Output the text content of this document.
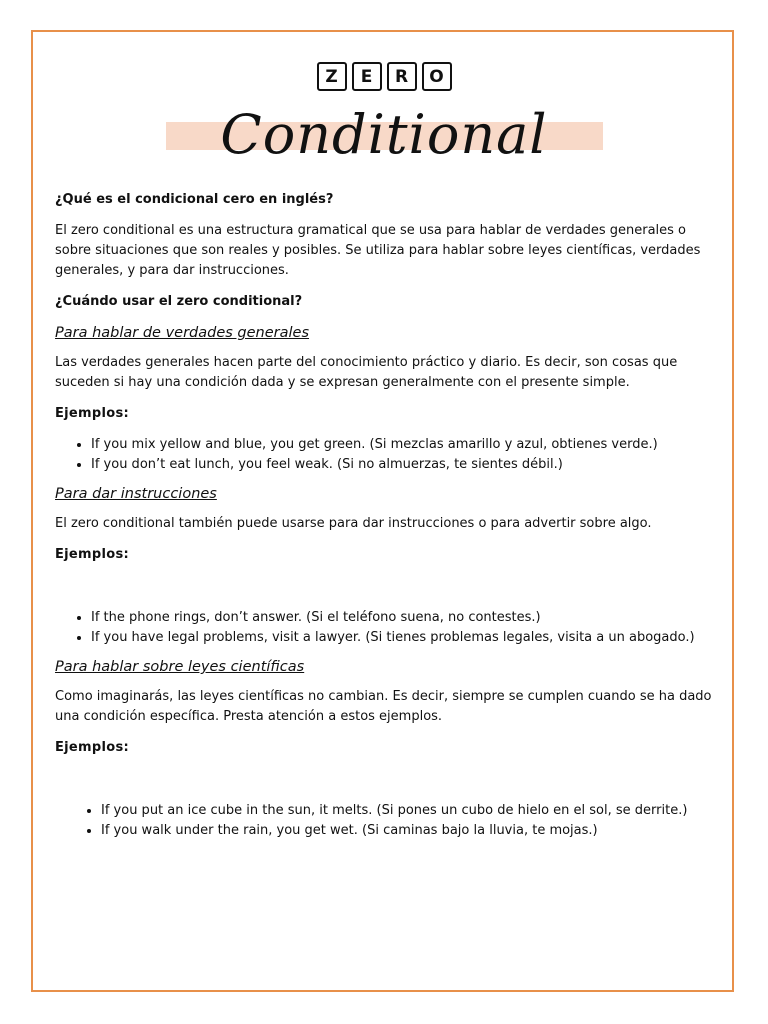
Z	E	R	O
Conditional

¿Qué es el condicional cero en inglés?

El zero conditional es una estructura gramatical que se usa para hablar de verdades generales o sobre situaciones que son reales y posibles. Se utiliza para hablar sobre leyes científicas, verdades generales, y para dar instrucciones.

¿Cuándo usar el zero conditional?

Para hablar de verdades generales

Las verdades generales hacen parte del conocimiento práctico y diario. Es decir, son cosas que suceden si hay una condición dada y se expresan generalmente con el presente simple.

Ejemplos:

• If you mix yellow and blue, you get green. (Si mezclas amarillo y azul, obtienes verde.)
• If you don’t eat lunch, you feel weak. (Si no almuerzas, te sientes débil.)

Para dar instrucciones

El zero conditional también puede usarse para dar instrucciones o para advertir sobre algo.

Ejemplos:

• If the phone rings, don’t answer. (Si el teléfono suena, no contestes.)
• If you have legal problems, visit a lawyer. (Si tienes problemas legales, visita a un abogado.)

Para hablar sobre leyes científicas

Como imaginarás, las leyes científicas no cambian. Es decir, siempre se cumplen cuando se ha dado una condición específica. Presta atención a estos ejemplos.

Ejemplos:

• If you put an ice cube in the sun, it melts. (Si pones un cubo de hielo en el sol, se derrite.)
• If you walk under the rain, you get wet. (Si caminas bajo la lluvia, te mojas.)
